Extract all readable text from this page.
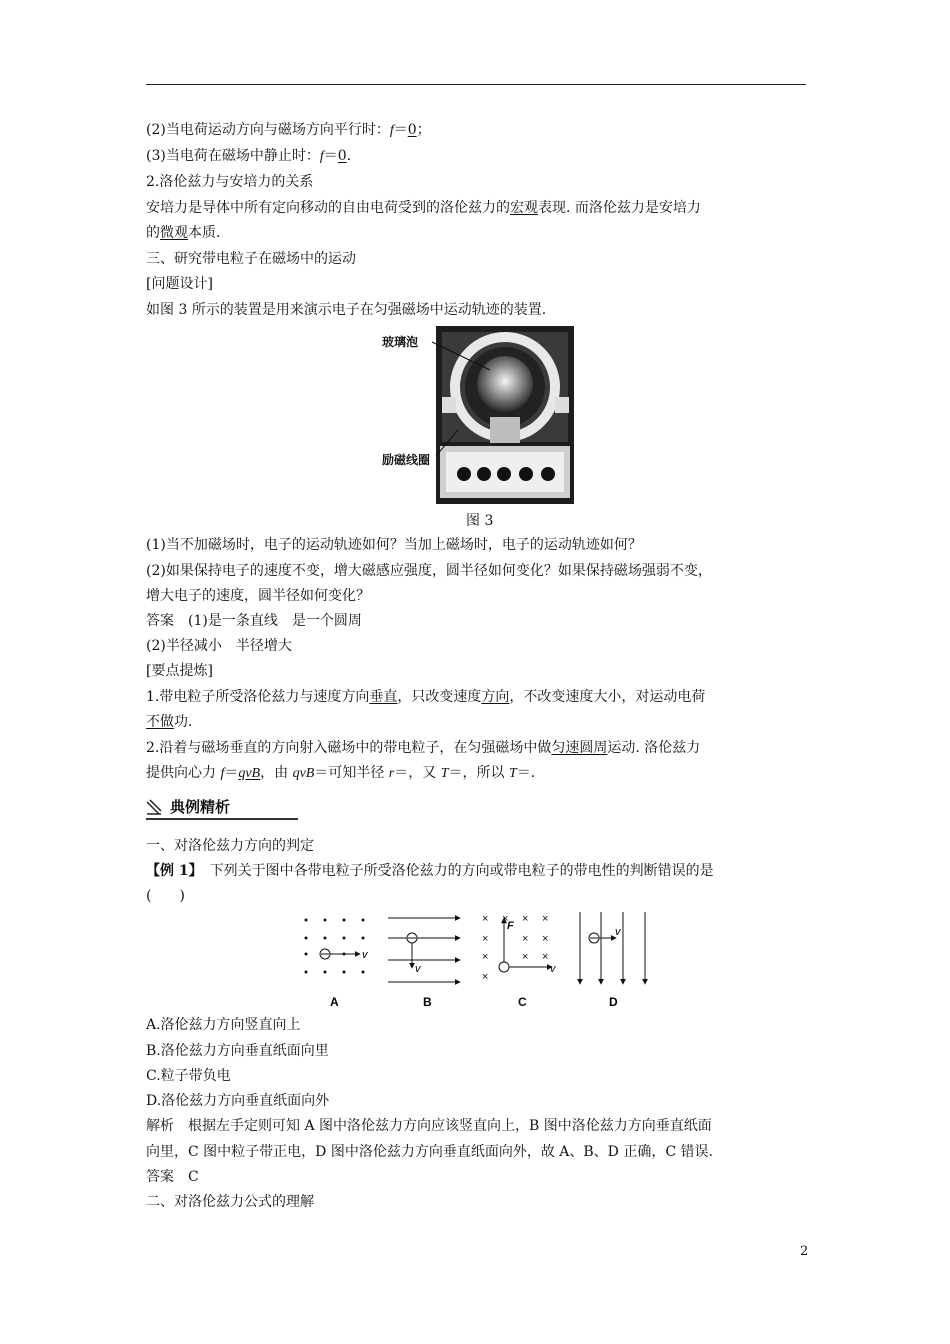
(2)当电荷运动方向与磁场方向平行时：f＝0；
(3)当电荷在磁场中静止时：f＝0.
2.洛伦兹力与安培力的关系
安培力是导体中所有定向移动的自由电荷受到的洛伦兹力的宏观表现. 而洛伦兹力是安培力
的微观本质.
三、研究带电粒子在磁场中的运动
[问题设计]
如图 3 所示的装置是用来演示电子在匀强磁场中运动轨迹的装置.
玻璃泡
励磁线圈
图 3
(1)当不加磁场时，电子的运动轨迹如何？当加上磁场时，电子的运动轨迹如何？
(2)如果保持电子的速度不变，增大磁感应强度，圆半径如何变化？如果保持磁场强弱不变，
增大电子的速度，圆半径如何变化？
答案　(1)是一条直线　是一个圆周
(2)半径减小　半径增大
[要点提炼]
1.带电粒子所受洛伦兹力与速度方向垂直，只改变速度方向，不改变速度大小，对运动电荷
不做功.
2.沿着与磁场垂直的方向射入磁场中的带电粒子，在匀强磁场中做匀速圆周运动. 洛伦兹力
提供向心力 f＝qvB，由 qvB＝可知半径 r＝，又 T＝，所以 T＝.
典例精析
一、对洛伦兹力方向的判定
【例 1】　下列关于图中各带电粒子所受洛伦兹力的方向或带电粒子的带电性的判断错误的是
(　　)
v
A
v
B
× × × ×
×	× ×
×	× ×
×
F
v
C
v
D
A.洛伦兹力方向竖直向上
B.洛伦兹力方向垂直纸面向里
C.粒子带负电
D.洛伦兹力方向垂直纸面向外
解析　根据左手定则可知 A 图中洛伦兹力方向应该竖直向上，B 图中洛伦兹力方向垂直纸面
向里，C 图中粒子带正电，D 图中洛伦兹力方向垂直纸面向外，故 A、B、D 正确，C 错误.
答案　C
二、对洛伦兹力公式的理解
2
